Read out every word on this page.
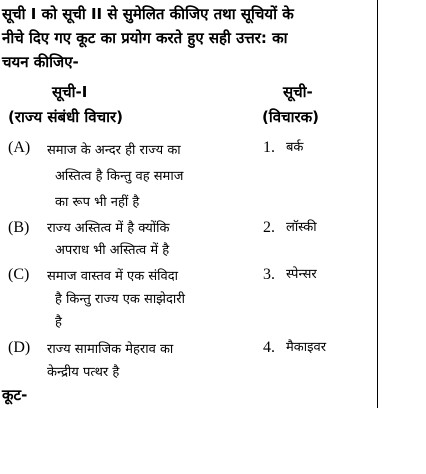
सूची I को सूची II से सुमेलित कीजिए तथा सूचियों के
नीचे दिए गए कूट का प्रयोग करते हुए सही उत्तर: का
चयन कीजिए-
सूची-I
(राज्य संबंधी विचार)
सूची-
(विचारक)
(A) समाज के अन्दर ही राज्य का
अस्तित्व है किन्तु वह समाज
का रूप भी नहीं है
1. बर्क
(B) राज्य अस्तित्व में है क्योंकि
अपराध भी अस्तित्व में है
2. लॉस्की
(C) समाज वास्तव में एक संविदा
है किन्तु राज्य एक साझेदारी
है
3. स्पेन्सर
(D) राज्य सामाजिक मेहराव का
केन्द्रीय पत्थर है
4. मैकाइवर
कूट-
